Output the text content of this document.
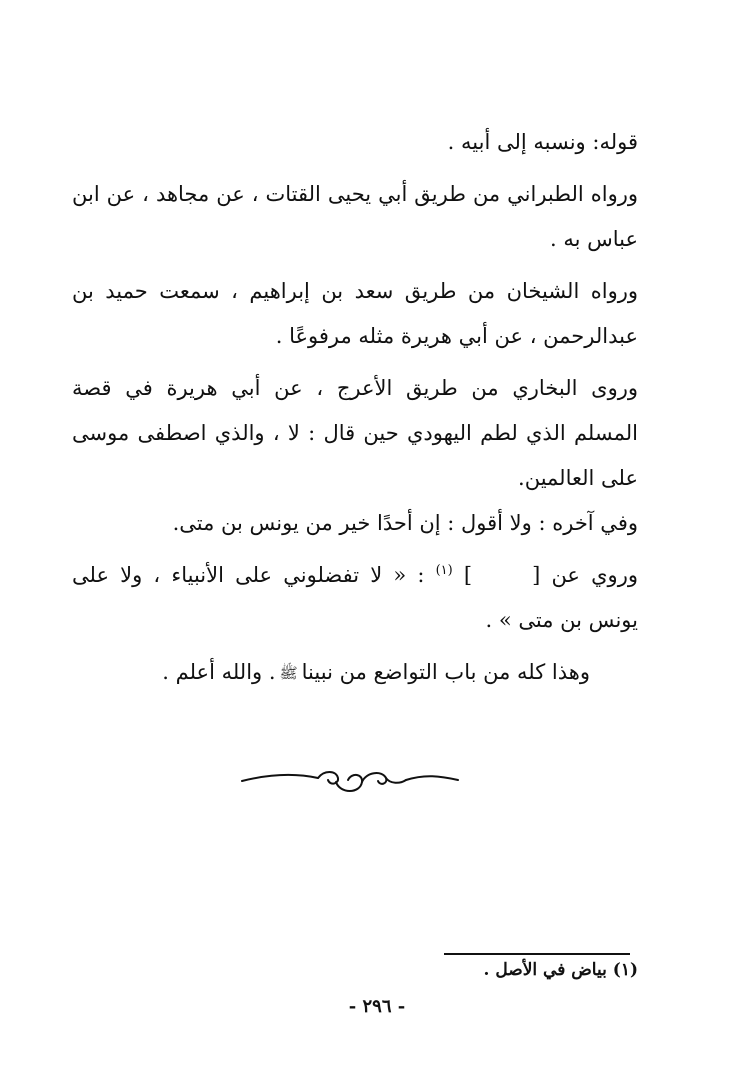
قوله: ونسبه إلى أبيه .

ورواه الطبراني من طريق أبي يحيى القتات ، عن مجاهد ، عن ابن عباس به .

ورواه الشيخان من طريق سعد بن إبراهيم ، سمعت حميد بن عبدالرحمن ، عن أبي هريرة مثله مرفوعًا .

وروى البخاري من طريق الأعرج ، عن أبي هريرة في قصة المسلم الذي لطم اليهودي حين قال : لا ، والذي اصطفى موسى على العالمين.

وفي آخره : ولا أقول : إن أحدًا خير من يونس بن متى.

وروي عن [] $^{(١)}$ : « لا تفضلوني على الأنبياء ، ولا على يونس بن متى » .

وهذا كله من باب التواضع من نبيناﷺ. والله أعلم .

(١) بياض في الأصل .
- ٢٩٦ -
